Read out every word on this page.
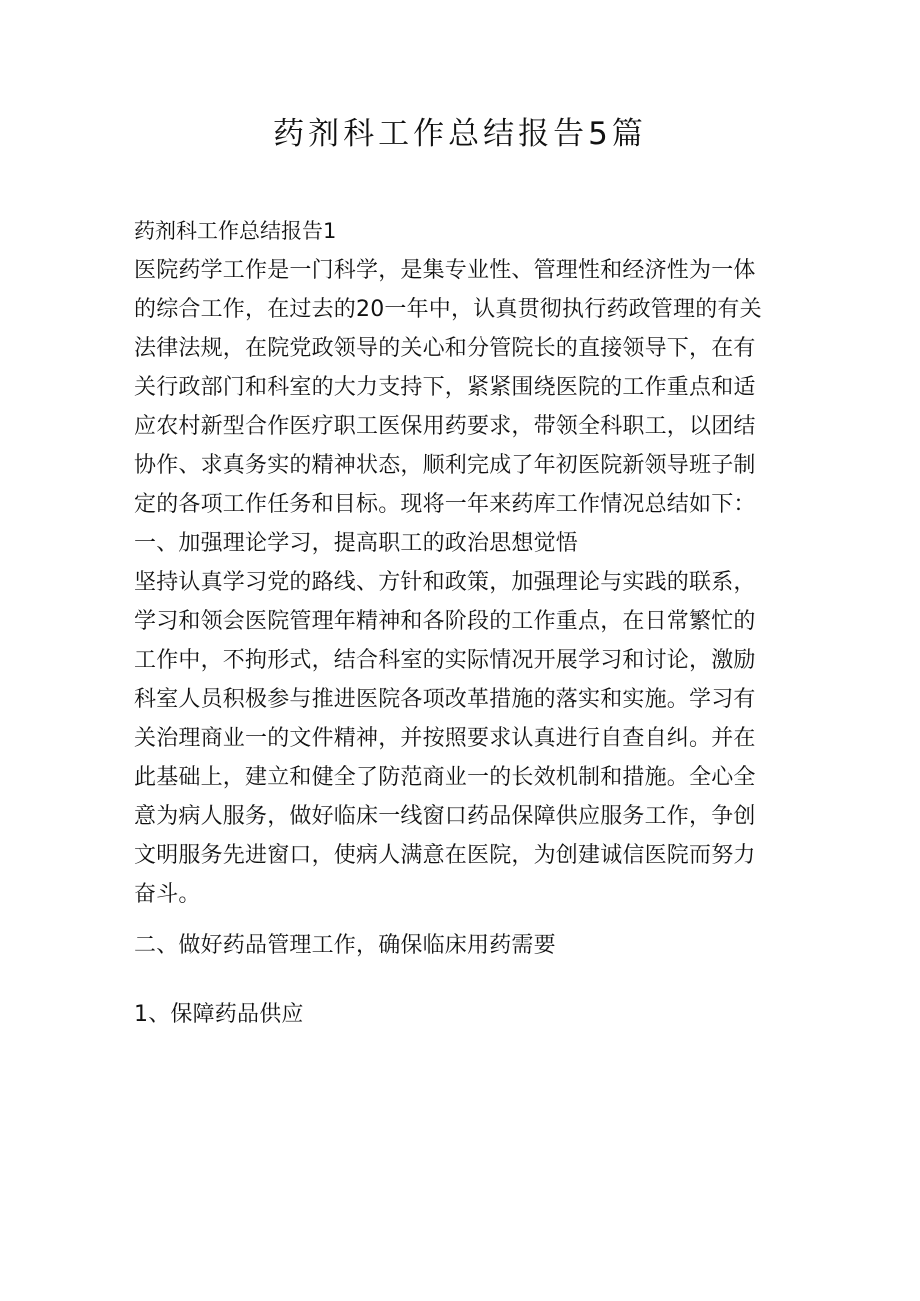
药剂科工作总结报告5篇
药剂科工作总结报告1
医院药学工作是一门科学，是集专业性、管理性和经济性为一体
的综合工作，在过去的20一年中，认真贯彻执行药政管理的有关
法律法规，在院党政领导的关心和分管院长的直接领导下，在有
关行政部门和科室的大力支持下，紧紧围绕医院的工作重点和适
应农村新型合作医疗职工医保用药要求，带领全科职工，以团结
协作、求真务实的精神状态，顺利完成了年初医院新领导班子制
定的各项工作任务和目标。现将一年来药库工作情况总结如下：
一、加强理论学习，提高职工的政治思想觉悟
坚持认真学习党的路线、方针和政策，加强理论与实践的联系，
学习和领会医院管理年精神和各阶段的工作重点，在日常繁忙的
工作中，不拘形式，结合科室的实际情况开展学习和讨论，激励
科室人员积极参与推进医院各项改革措施的落实和实施。学习有
关治理商业一的文件精神，并按照要求认真进行自查自纠。并在
此基础上，建立和健全了防范商业一的长效机制和措施。全心全
意为病人服务，做好临床一线窗口药品保障供应服务工作，争创
文明服务先进窗口，使病人满意在医院，为创建诚信医院而努力
奋斗。
二、做好药品管理工作，确保临床用药需要
1、保障药品供应
